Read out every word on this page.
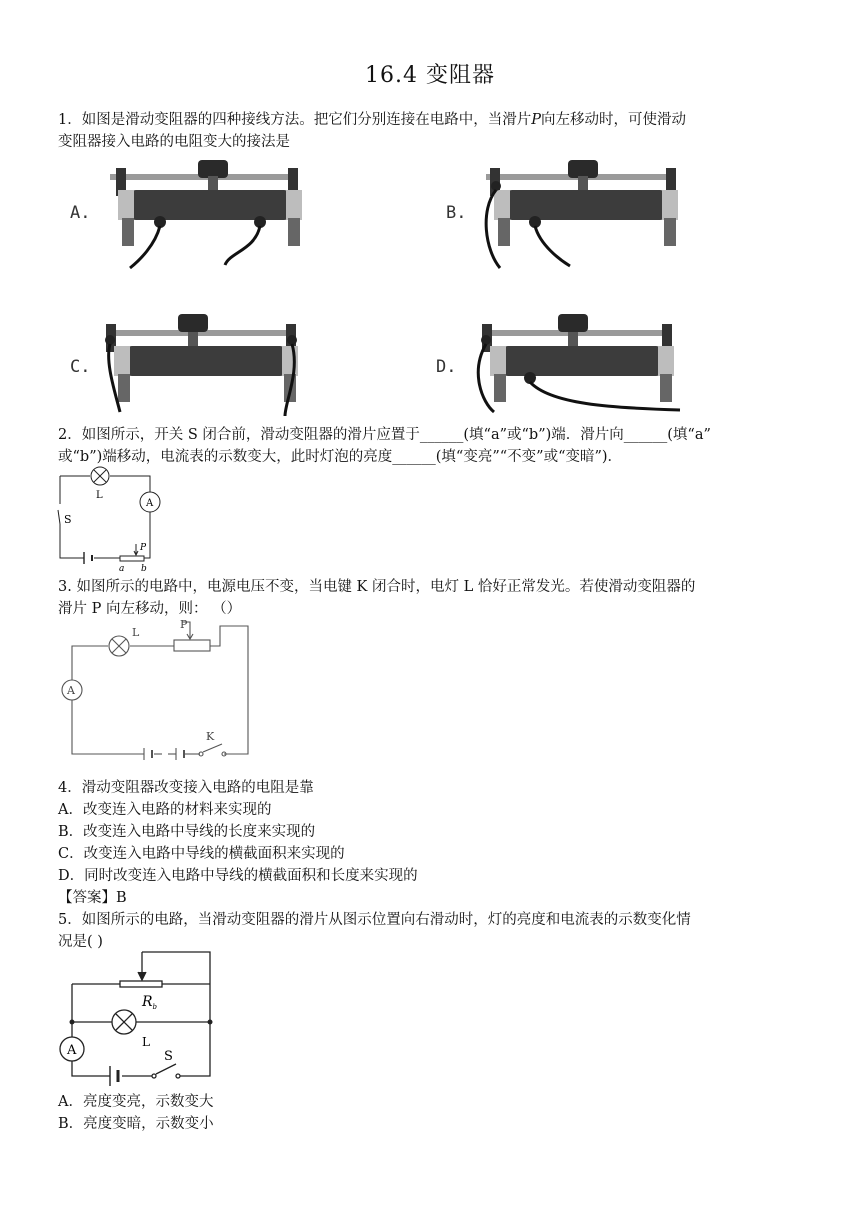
16.4 变阻器
1．如图是滑动变阻器的四种接线方法。把它们分别连接在电路中，当滑片P向左移动时，可使滑动
变阻器接入电路的电阻变大的接法是
A.	B.
C.	D.
2．如图所示，开关 S 闭合前，滑动变阻器的滑片应置于______(填“a”或“b”)端．滑片向______(填“a”
或“b”)端移动，电流表的示数变大，此时灯泡的亮度______(填“变亮”“不变”或“变暗”)．
L
A
S
P
a b
3. 如图所示的电路中，电源电压不变，当电键 K 闭合时，电灯 L 恰好正常发光。若使滑动变阻器的
滑片 P 向左移动，则： （）
L
P
A
K
4．滑动变阻器改变接入电路的电阻是靠
A．改变连入电路的材料来实现的
B．改变连入电路中导线的长度来实现的
C．改变连入电路中导线的横截面积来实现的
D．同时改变连入电路中导线的横截面积和长度来实现的
【答案】B
5．如图所示的电路，当滑动变阻器的滑片从图示位置向右滑动时，灯的亮度和电流表的示数变化情
况是( )
$R_b$
L
A	S
A．亮度变亮，示数变大
B．亮度变暗，示数变小
